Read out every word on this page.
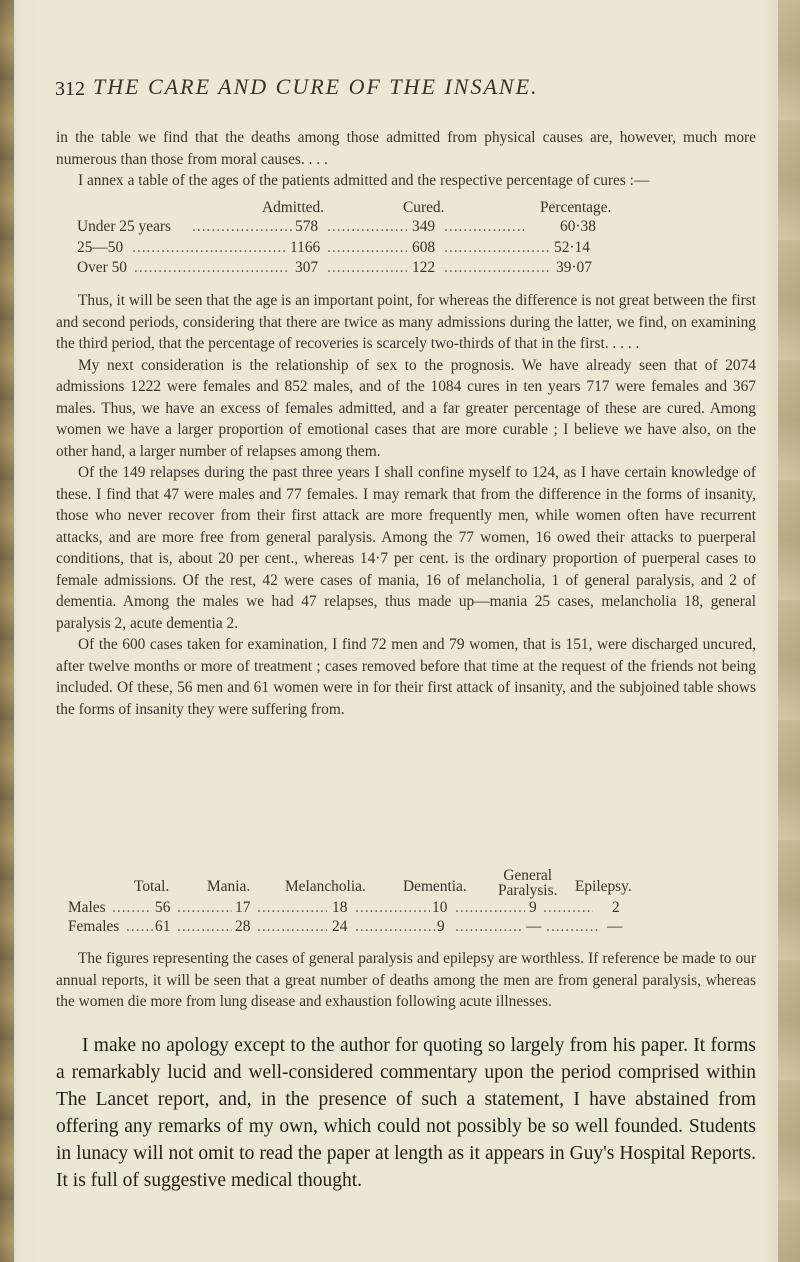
312 THE CARE AND CURE OF THE INSANE.

in the table we find that the deaths among those admitted from physical causes are, however, much more numerous than those from moral causes. . . .

I annex a table of the ages of the patients admitted and the respective percentage of cures :—

Admitted.	Cured.	Percentage.
Under 25 years .....	578 .....	349 .....	60·38
25—50 .....	1166 .....	608 .....	52·14
Over 50 .....	307 .....	122 .....	39·07

Thus, it will be seen that the age is an important point, for whereas the difference is not great between the first and second periods, considering that there are twice as many admissions during the latter, we find, on examining the third period, that the percentage of recoveries is scarcely two-thirds of that in the first. . . . .

My next consideration is the relationship of sex to the prognosis. We have already seen that of 2074 admissions 1222 were females and 852 males, and of the 1084 cures in ten years 717 were females and 367 males. Thus, we have an excess of females admitted, and a far greater percentage of these are cured. Among women we have a larger proportion of emotional cases that are more curable ; I believe we have also, on the other hand, a larger number of relapses among them.

Of the 149 relapses during the past three years I shall confine myself to 124, as I have certain knowledge of these. I find that 47 were males and 77 females. I may remark that from the difference in the forms of insanity, those who never recover from their first attack are more frequently men, while women often have recurrent attacks, and are more free from general paralysis. Among the 77 women, 16 owed their attacks to puerperal conditions, that is, about 20 per cent., whereas 14·7 per cent. is the ordinary proportion of puerperal cases to female admissions. Of the rest, 42 were cases of mania, 16 of melancholia, 1 of general paralysis, and 2 of dementia. Among the males we had 47 relapses, thus made up—mania 25 cases, melancholia 18, general paralysis 2, acute dementia 2.

Of the 600 cases taken for examination, I find 72 men and 79 women, that is 151, were discharged uncured, after twelve months or more of treatment ; cases removed before that time at the request of the friends not being included. Of these, 56 men and 61 women were in for their first attack of insanity, and the subjoined table shows the forms of insanity they were suffering from.

Total. Mania. Melancholia. Dementia.
General
Paralysis. Epilepsy.
Males .....	56 .....	17 .....	18 .....	10 .....	9 .....	2
Females ..... 61 .....	28 .....	24 .....	9 .....	— .....	—

The figures representing the cases of general paralysis and epilepsy are worthless. If reference be made to our annual reports, it will be seen that a great number of deaths among the men are from general paralysis, whereas the women die more from lung disease and exhaustion following acute illnesses.

I make no apology except to the author for quoting so largely from his paper. It forms a remarkably lucid and well-considered commentary upon the period comprised within The Lancet report, and, in the presence of such a statement, I have abstained from offering any remarks of my own, which could not possibly be so well founded. Students in lunacy will not omit to read the paper at length as it appears in Guy's Hospital Reports. It is full of suggestive medical thought.
